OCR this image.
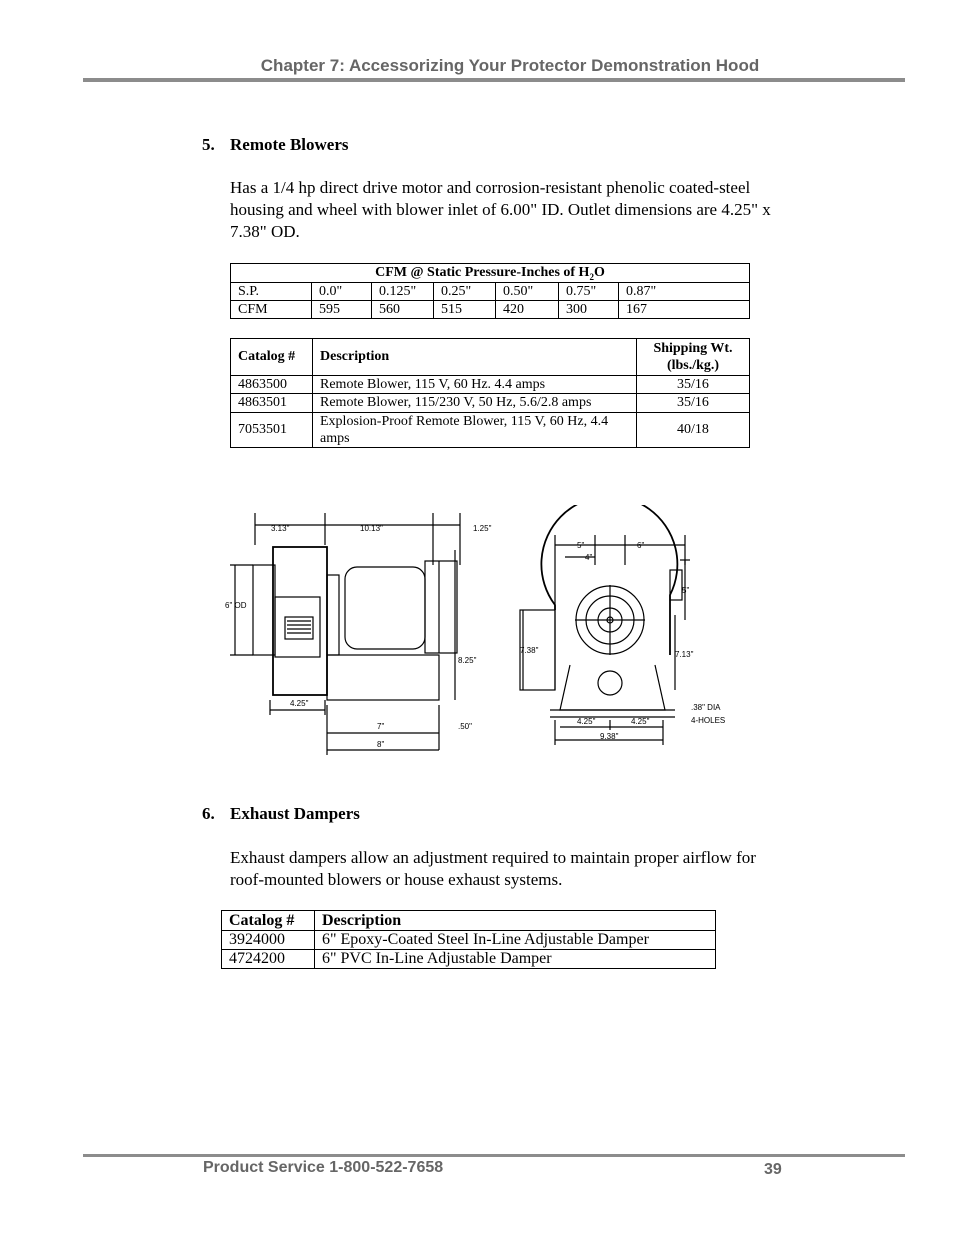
Chapter 7: Accessorizing Your Protector Demonstration Hood
5. Remote Blowers
Has a 1/4 hp direct drive motor and corrosion-resistant phenolic coated-steel housing and wheel with blower inlet of 6.00" ID. Outlet dimensions are 4.25" x 7.38" OD.
CFM @ Static Pressure-Inches of $H_2O$						
S.P.	0.0"	0.125"	0.25"	0.50"	0.75"	0.87"
CFM	595	560	515	420	300	167
Catalog #	Description	Shipping Wt. (lbs./kg.)
4863500	Remote Blower, 115 V, 60 Hz. 4.4 amps	35/16
4863501	Remote Blower, 115/230 V, 50 Hz, 5.6/2.8 amps	35/16
7053501	Explosion-Proof Remote Blower, 115 V, 60 Hz, 4.4 amps	40/18
3.13"	10.13"	1.25"
6" OD
8.25"
4.25"
7"	.50"
8"
5"	6"
4"
5"
7.38"	7.13"
.38" DIA
4-HOLES
4.25"	4.25"
9.38"
6. Exhaust Dampers
Exhaust dampers allow an adjustment required to maintain proper airflow for roof-mounted blowers or house exhaust systems.
Catalog #	Description
3924000	6" Epoxy-Coated Steel In-Line Adjustable Damper
4724200	6" PVC In-Line Adjustable Damper
Product Service 1-800-522-7658	39
